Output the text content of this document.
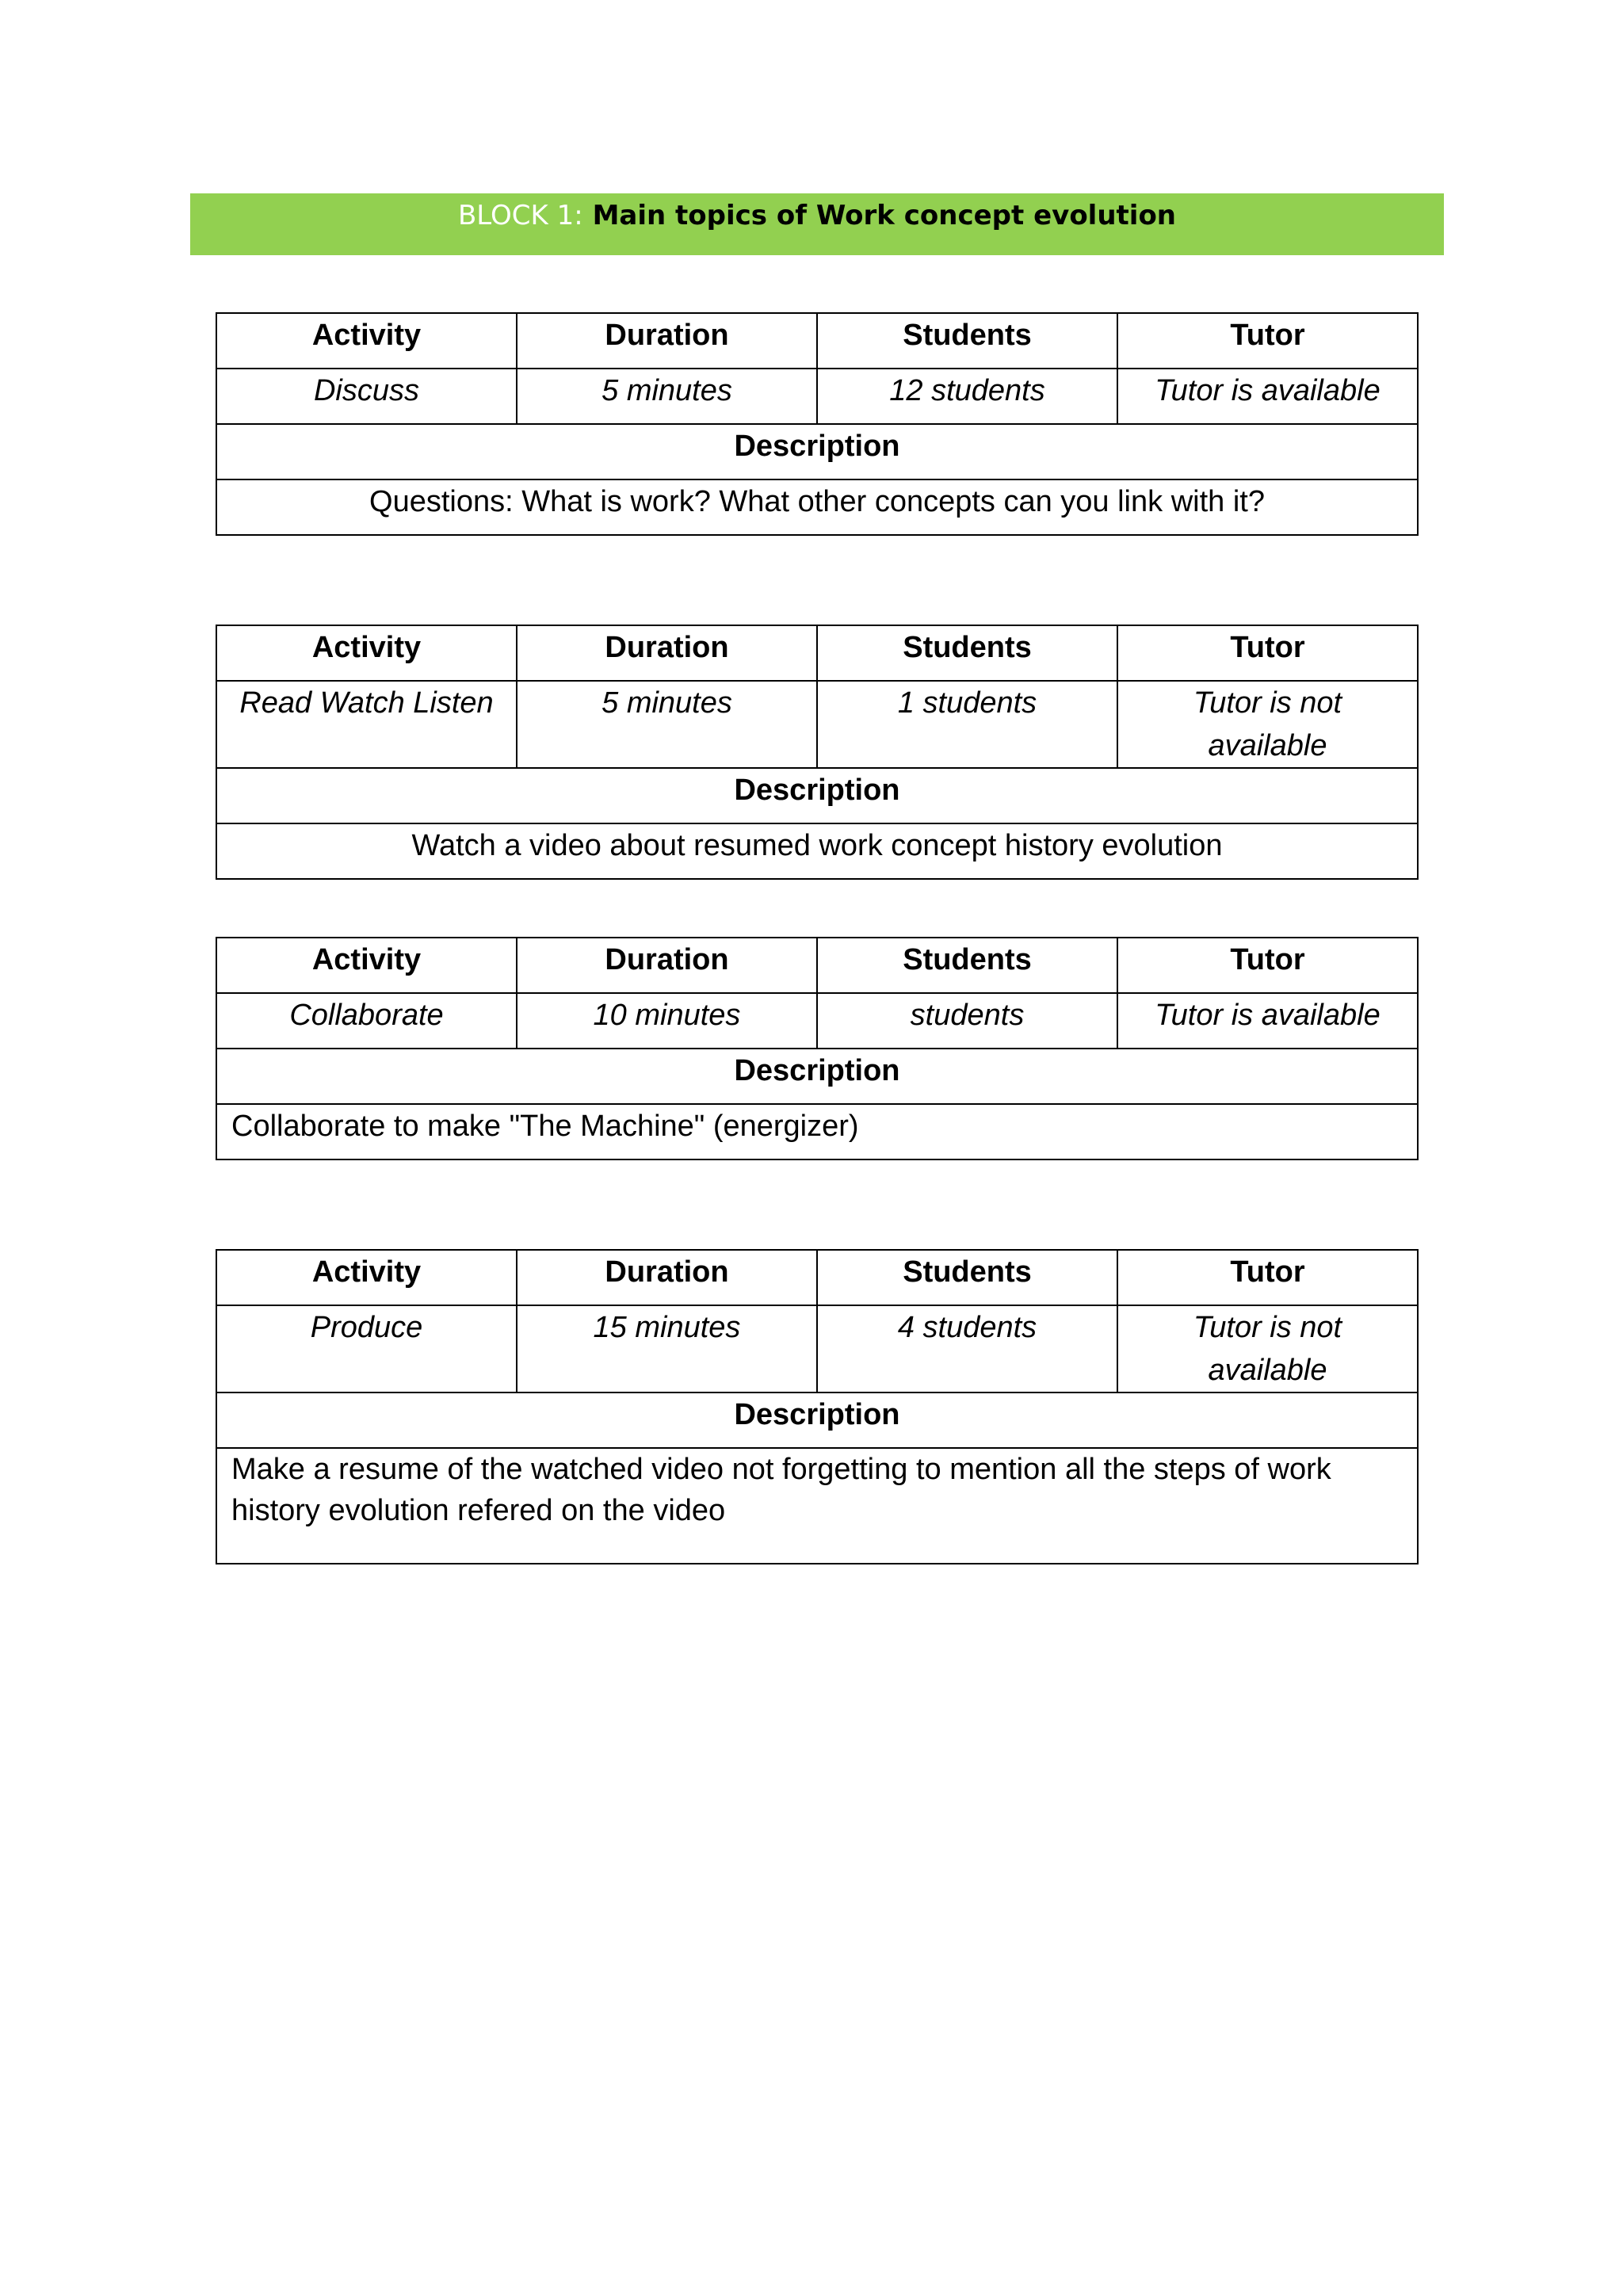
BLOCK 1: Main topics of Work concept evolution
Activity	Duration	Students	Tutor
Discuss	5 minutes	12 students	Tutor is available
Description			
Questions: What is work? What other concepts can you link with it?			
Activity	Duration	Students	Tutor
Read Watch Listen	5 minutes	1 students	Tutor is not available
Description			
Watch a video about resumed work concept history evolution			
Activity	Duration	Students	Tutor
Collaborate	10 minutes	students	Tutor is available
Description			
Collaborate to make "The Machine" (energizer)			
Activity	Duration	Students	Tutor
Produce	15 minutes	4 students	Tutor is not available
Description			
Make a resume of the watched video not forgetting to mention all the steps of work history evolution refered on the video			
